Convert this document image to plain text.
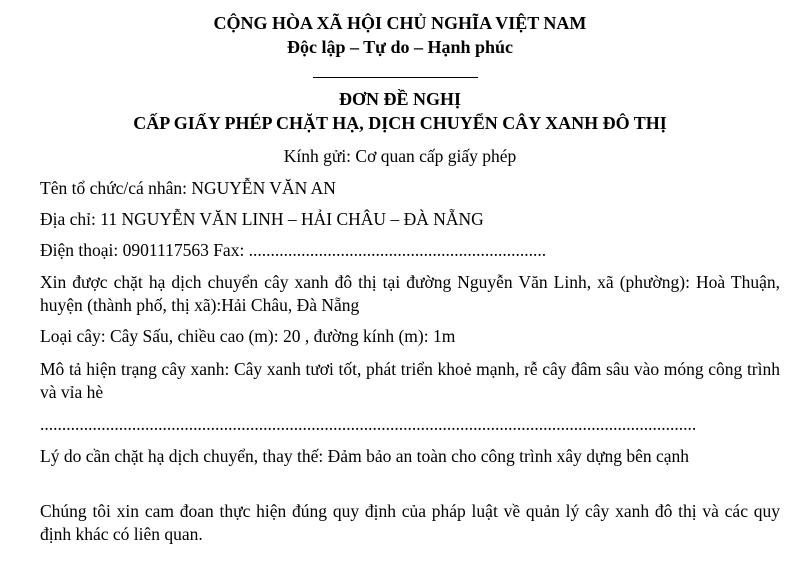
CỘNG HÒA XÃ HỘI CHỦ NGHĨA VIỆT NAM
Độc lập – Tự do – Hạnh phúc
ĐƠN ĐỀ NGHỊ
CẤP GIẤY PHÉP CHẶT HẠ, DỊCH CHUYỂN CÂY XANH ĐÔ THỊ
Kính gửi: Cơ quan cấp giấy phép
Tên tổ chức/cá nhân: NGUYỄN VĂN AN
Địa chỉ: 11 NGUYỄN VĂN LINH – HẢI CHÂU – ĐÀ NẴNG
Điện thoại: 0901117563 Fax: ....................................................................
Xin được chặt hạ dịch chuyển cây xanh đô thị tại đường Nguyễn Văn Linh, xã (phường): Hoà Thuận, huyện (thành phố, thị xã):Hải Châu, Đà Nẵng
Loại cây: Cây Sấu, chiều cao (m): 20 , đường kính (m): 1m
Mô tả hiện trạng cây xanh: Cây xanh tươi tốt, phát triển khoẻ mạnh, rễ cây đâm sâu vào móng công trình và vỉa hè
......................................................................................................................................................
Lý do cần chặt hạ dịch chuyển, thay thế: Đảm bảo an toàn cho công trình xây dựng bên cạnh
Chúng tôi xin cam đoan thực hiện đúng quy định của pháp luật về quản lý cây xanh đô thị và các quy định khác có liên quan.
